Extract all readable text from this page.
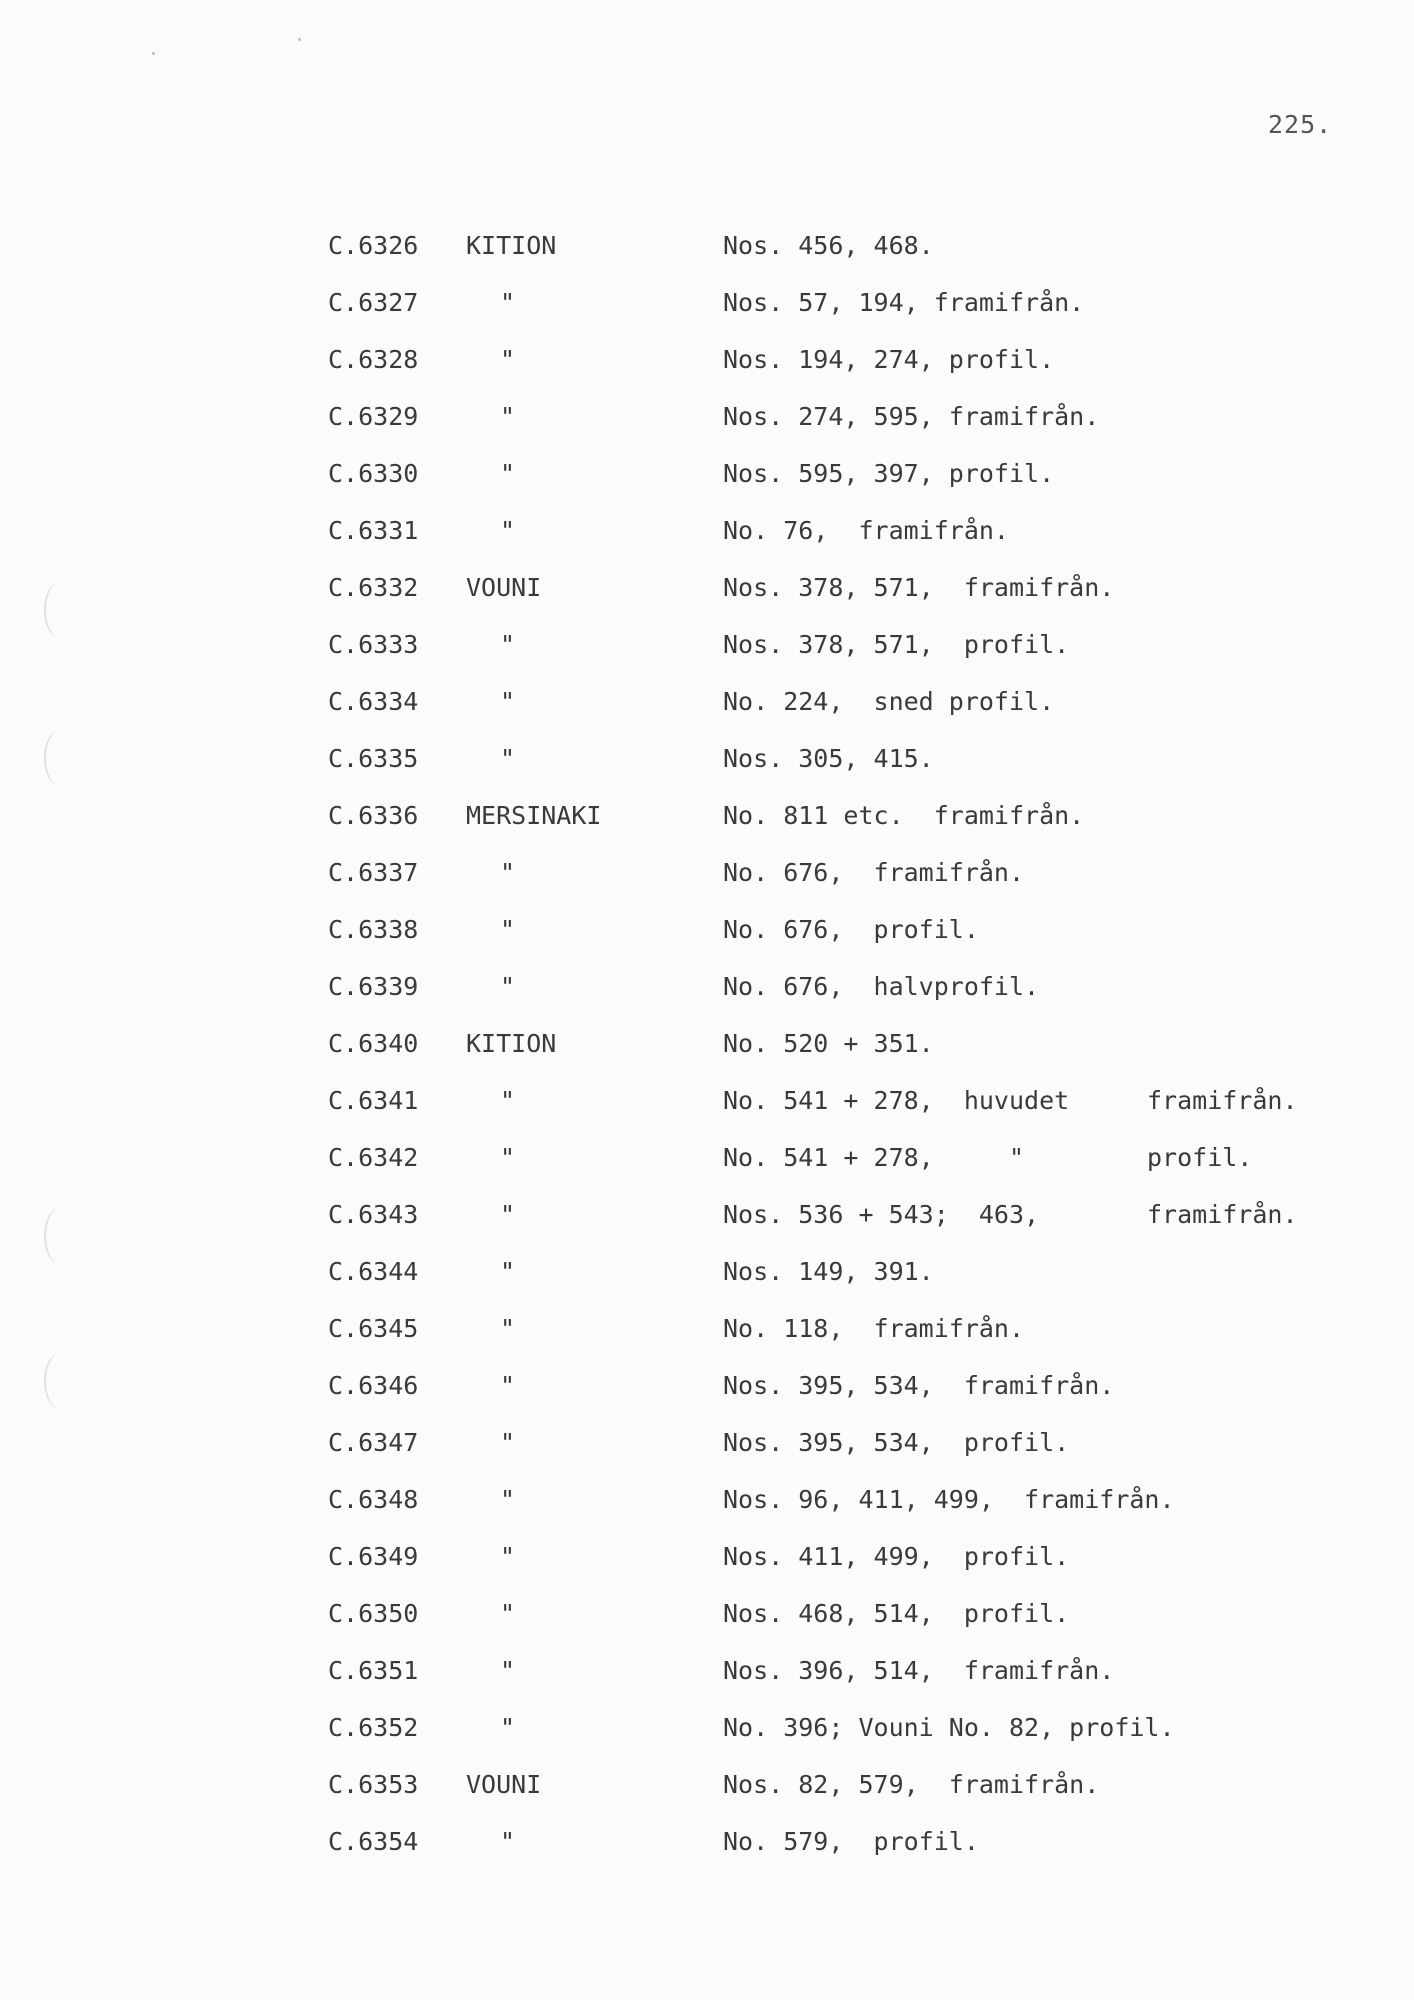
225.
C.6326 KITION	Nos. 456, 468.
C.6327	"	Nos. 57, 194, framifrån.
C.6328	"	Nos. 194, 274, profil.
C.6329	"	Nos. 274, 595, framifrån.
C.6330	"	Nos. 595, 397, profil.
C.6331	"	No. 76,  framifrån.
C.6332 VOUNI	Nos. 378, 571,  framifrån.
C.6333	"	Nos. 378, 571,  profil.
C.6334	"	No. 224,  sned profil.
C.6335	"	Nos. 305, 415.
C.6336 MERSINAKI	No. 811 etc.  framifrån.
C.6337	"	No. 676,  framifrån.
C.6338	"	No. 676,  profil.
C.6339	"	No. 676,  halvprofil.
C.6340 KITION	No. 520 + 351.
C.6341	"	No. 541 + 278,  huvudet	framifrån.
C.6342	"	No. 541 + 278,     "	profil.
C.6343	"	Nos. 536 + 543;  463,	framifrån.
C.6344	"	Nos. 149, 391.
C.6345	"	No. 118,  framifrån.
C.6346	"	Nos. 395, 534,  framifrån.
C.6347	"	Nos. 395, 534,  profil.
C.6348	"	Nos. 96, 411, 499,  framifrån.
C.6349	"	Nos. 411, 499,  profil.
C.6350	"	Nos. 468, 514,  profil.
C.6351	"	Nos. 396, 514,  framifrån.
C.6352	"	No. 396; Vouni No. 82, profil.
C.6353 VOUNI	Nos. 82, 579,  framifrån.
C.6354	"	No. 579,  profil.
